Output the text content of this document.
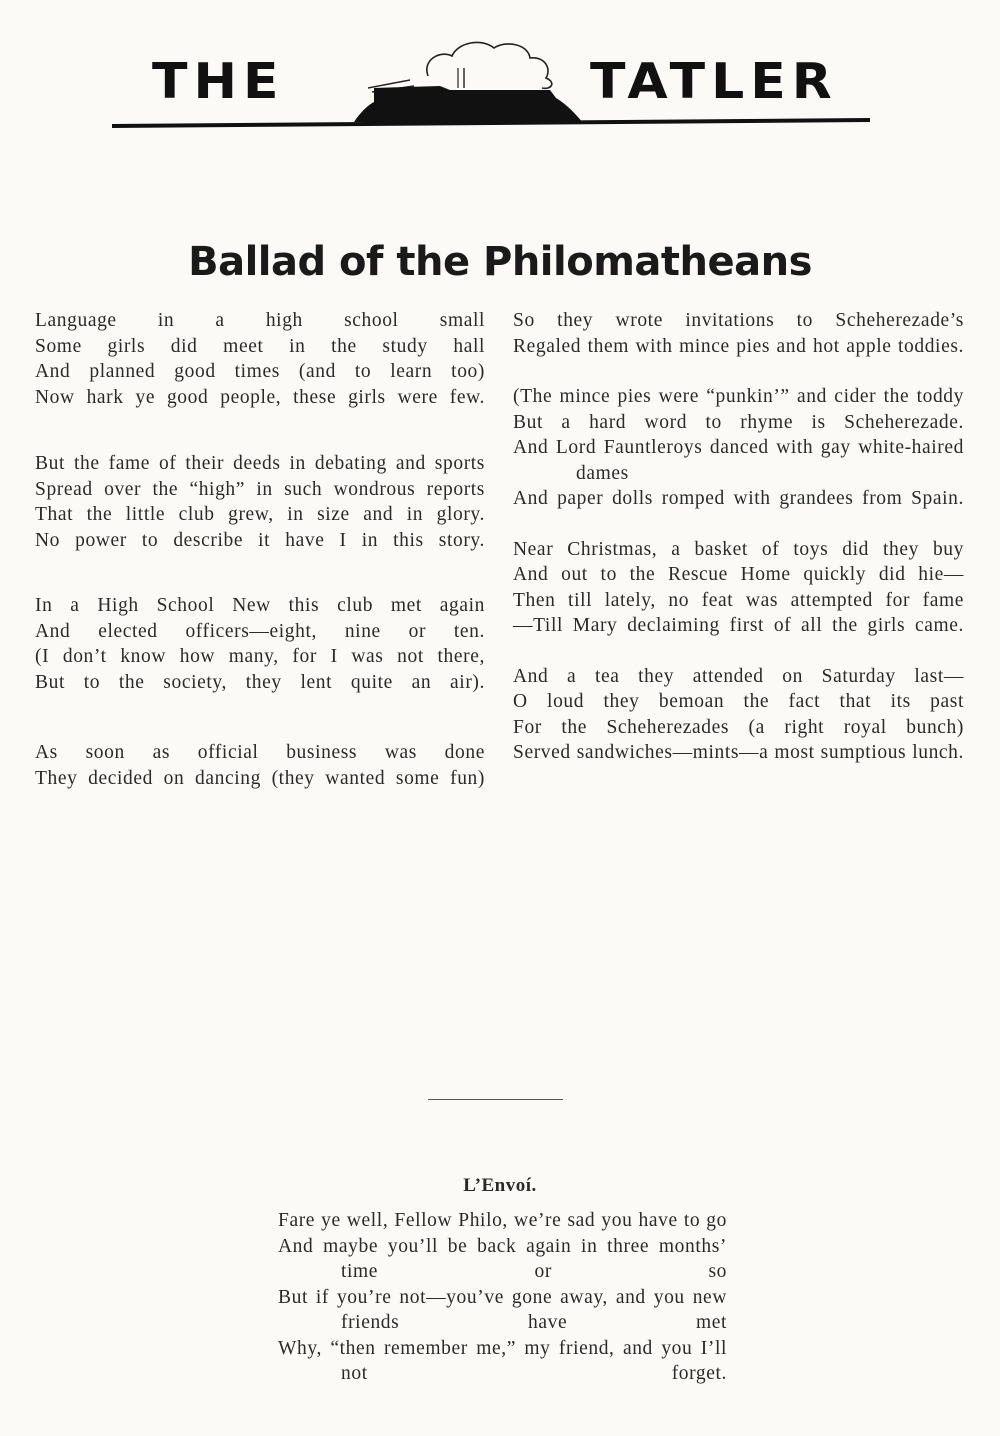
THE	TATLER
Ballad of the Philomatheans
Language in a high school small
Some girls did meet in the study hall
And planned good times (and to learn too)
Now hark ye good people, these girls were few.
But the fame of their deeds in debating and sports
Spread over the “high” in such wondrous reports
That the little club grew, in size and in glory.
No power to describe it have I in this story.
In a High School New this club met again
And elected officers—eight, nine or ten.
(I don’t know how many, for I was not there,
But to the society, they lent quite an air).
As soon as official business was done
They decided on dancing (they wanted some fun)
So they wrote invitations to Scheherezade’s
Regaled them with mince pies and hot apple toddies.
(The mince pies were “punkin’” and cider the toddy
But a hard word to rhyme is Scheherezade.
And Lord Fauntleroys danced with gay white-haired dames
And paper dolls romped with grandees from Spain.
Near Christmas, a basket of toys did they buy
And out to the Rescue Home quickly did hie—
Then till lately, no feat was attempted for fame
—Till Mary declaiming first of all the girls came.
And a tea they attended on Saturday last—
O loud they bemoan the fact that its past
For the Scheherezades (a right royal bunch)
Served sandwiches—mints—a most sumptious lunch.
L’Envoí.
Fare ye well, Fellow Philo, we’re sad you have to go
And maybe you’ll be back again in three months’ time or so
But if you’re not—you’ve gone away, and you new friends have met
Why, “then remember me,” my friend, and you I’ll not forget.
